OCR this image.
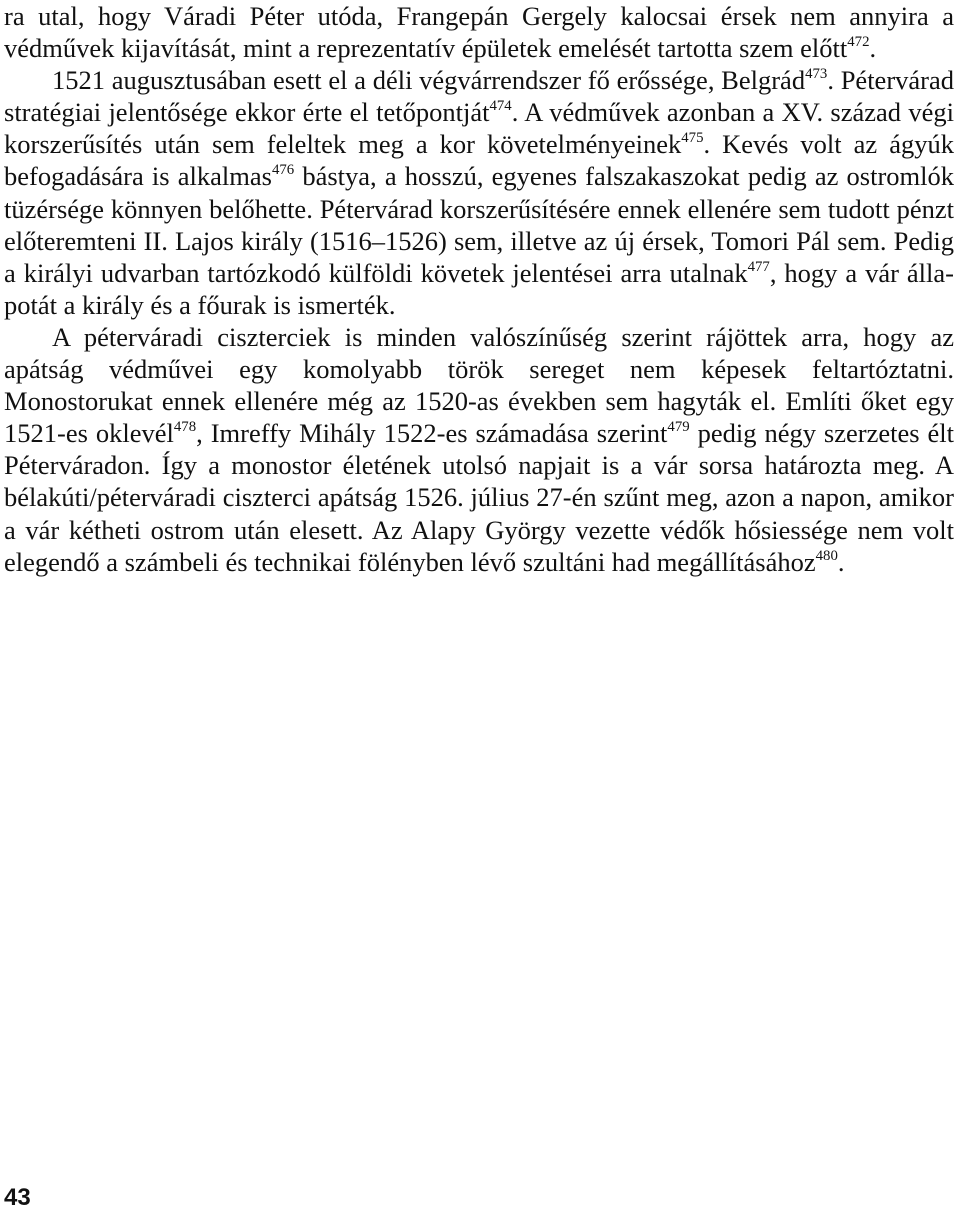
ra utal, hogy Váradi Péter utóda, Frangepán Gergely kalocsai érsek nem annyira a védművek kijavítását, mint a reprezentatív épületek emelését tartotta szem előtt$^{472}$.

1521 augusztusában esett el a déli végvárrendszer fő erőssége, Belgrád$^{473}$. Pétervárad stratégiai jelentősége ekkor érte el tetőpontját$^{474}$. A védművek azonban a XV. század végi korszerűsítés után sem feleltek meg a kor követelményeinek$^{475}$. Kevés volt az ágyúk befogadására is alkalmas$^{476}$ bástya, a hosszú, egyenes falszakaszokat pedig az ostromlók tüzérsége könnyen belőhette. Pétervárad korszerűsítésére ennek ellenére sem tudott pénzt előteremteni II. Lajos király (1516–1526) sem, illetve az új érsek, Tomori Pál sem. Pedig a királyi udvarban tartózkodó külföldi követek jelentései arra utalnak$^{477}$, hogy a vár állapotát a király és a főurak is ismerték.

A péterváradi ciszterciek is minden valószínűség szerint rájöttek arra, hogy az apátság védművei egy komolyabb török sereget nem képesek feltartóztatni. Monostorukat ennek ellenére még az 1520-as években sem hagyták el. Említi őket egy 1521-es oklevél$^{478}$, Imreffy Mihály 1522-es számadása szerint$^{479}$ pedig négy szerzetes élt Péterváradon. Így a monostor életének utolsó napjait is a vár sorsa határozta meg. A bélakúti/péterváradi ciszterci apátság 1526. július 27-én szűnt meg, azon a napon, amikor a vár kétheti ostrom után elesett. Az Alapy György vezette védők hősiessége nem volt elegendő a számbeli és technikai fölényben lévő szultáni had megállításához$^{480}$.

43
